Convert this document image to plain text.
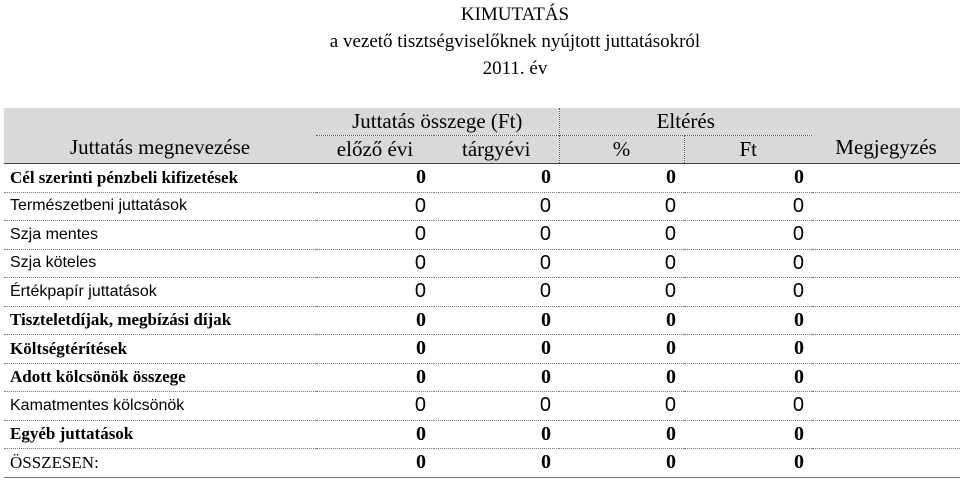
KIMUTATÁS
a vezető tisztségviselőknek nyújtott juttatásokról
2011. év
Juttatás megnevezése	Juttatás összege (Ft)		Eltérés		Megjegyzés
	előző évi	tárgyévi	%	Ft	
Cél szerinti pénzbeli kifizetések	0	0	0	0	
Természetbeni juttatások	0	0	0	0	
Szja mentes	0	0	0	0	
Szja köteles	0	0	0	0	
Értékpapír juttatások	0	0	0	0	
Tiszteletdíjak, megbízási díjak	0	0	0	0	
Költségtérítések	0	0	0	0	
Adott kölcsönök összege	0	0	0	0	
Kamatmentes kölcsönök	0	0	0	0	
Egyéb juttatások	0	0	0	0	
ÖSSZESEN:	0	0	0	0	
